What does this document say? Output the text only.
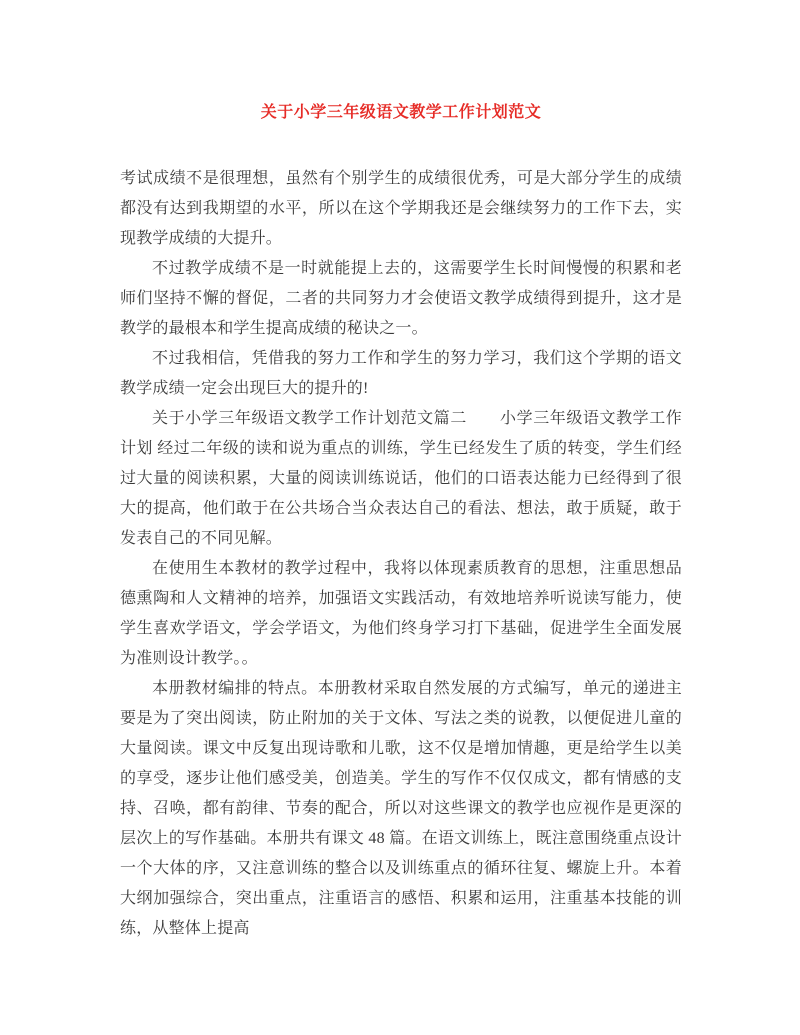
关于小学三年级语文教学工作计划范文

考试成绩不是很理想，虽然有个别学生的成绩很优秀，可是大部分学生的成绩都没有达到我期望的水平，所以在这个学期我还是会继续努力的工作下去，实现教学成绩的大提升。

不过教学成绩不是一时就能提上去的，这需要学生长时间慢慢的积累和老师们坚持不懈的督促，二者的共同努力才会使语文教学成绩得到提升，这才是教学的最根本和学生提高成绩的秘诀之一。

不过我相信，凭借我的努力工作和学生的努力学习，我们这个学期的语文教学成绩一定会出现巨大的提升的!

关于小学三年级语文教学工作计划范文篇二　　小学三年级语文教学工作计划 经过二年级的读和说为重点的训练，学生已经发生了质的转变，学生们经过大量的阅读积累，大量的阅读训练说话，他们的口语表达能力已经得到了很大的提高，他们敢于在公共场合当众表达自己的看法、想法，敢于质疑，敢于发表自己的不同见解。

在使用生本教材的教学过程中，我将以体现素质教育的思想，注重思想品德熏陶和人文精神的培养，加强语文实践活动，有效地培养听说读写能力，使学生喜欢学语文，学会学语文，为他们终身学习打下基础，促进学生全面发展为准则设计教学。。

本册教材编排的特点。本册教材采取自然发展的方式编写，单元的递进主要是为了突出阅读，防止附加的关于文体、写法之类的说教，以便促进儿童的大量阅读。课文中反复出现诗歌和儿歌，这不仅是增加情趣，更是给学生以美的享受，逐步让他们感受美，创造美。学生的写作不仅仅成文，都有情感的支持、召唤，都有韵律、节奏的配合，所以对这些课文的教学也应视作是更深的层次上的写作基础。本册共有课文 48 篇。在语文训练上，既注意围绕重点设计一个大体的序，又注意训练的整合以及训练重点的循环往复、螺旋上升。本着大纲加强综合，突出重点，注重语言的感悟、积累和运用，注重基本技能的训练，从整体上提高
